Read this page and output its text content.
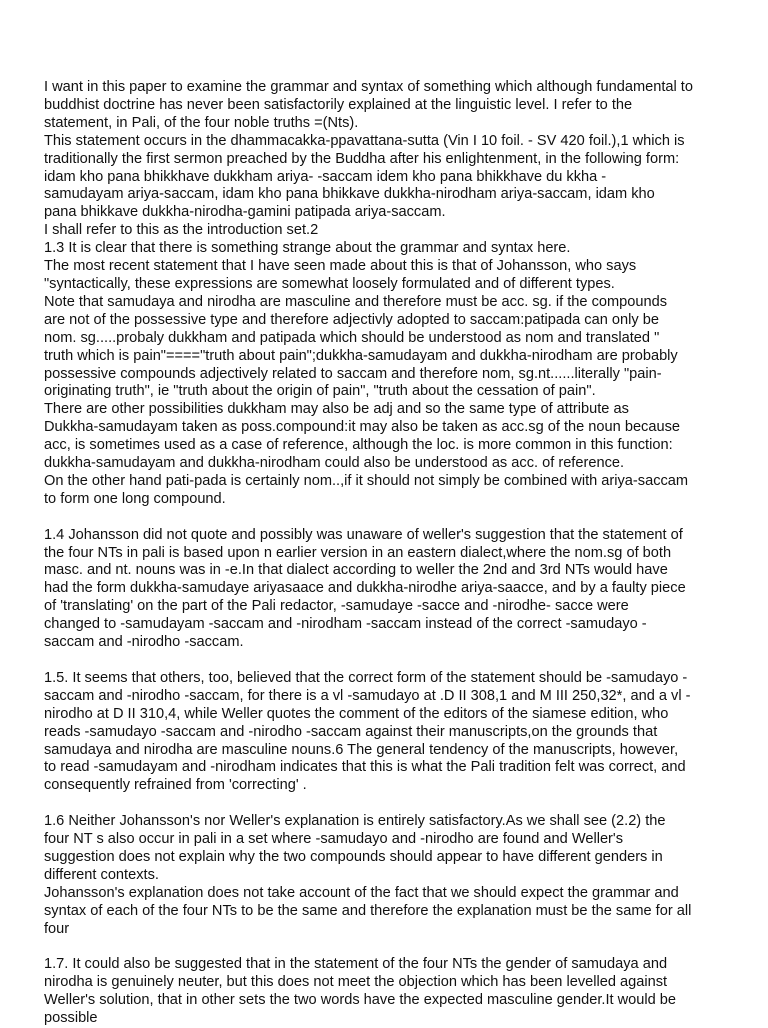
I want in this paper to examine the grammar and syntax of something which although fundamental to
buddhist doctrine has never been satisfactorily explained at the linguistic level. I refer to the
statement, in Pali, of the four noble truths =(Nts).
This statement occurs in the dhammacakka-ppavattana-sutta (Vin I 10 foil. - SV 420 foil.),1 which is
traditionally the first sermon preached by the Buddha after his enlightenment, in the following form:
idam kho pana bhikkhave dukkham ariya- -saccam idem kho pana bhikkhave du kkha -
samudayam ariya-saccam, idam kho pana bhikkave dukkha-nirodham ariya-saccam, idam kho
pana bhikkave dukkha-nirodha-gamini patipada ariya-saccam.
I shall refer to this as the introduction set.2
1.3 It is clear that there is something strange about the grammar and syntax here.
The most recent statement that I have seen made about this is that of Johansson, who says
"syntactically, these expressions are somewhat loosely formulated and of different types.
Note that samudaya and nirodha are masculine and therefore must be acc. sg. if the compounds
are not of the possessive type and therefore adjectivly adopted to saccam:patipada can only be
nom. sg.....probaly dukkham and patipada which should be understood as nom and translated "
truth which is pain"===="truth about pain";dukkha-samudayam and dukkha-nirodham are probably
possessive compounds adjectively related to saccam and therefore nom, sg.nt......literally "pain-
originating truth", ie "truth about the origin of pain", "truth about the cessation of pain".
There are other possibilities dukkham may also be adj and so the same type of attribute as
Dukkha-samudayam taken as poss.compound:it may also be taken as acc.sg of the noun because
acc, is sometimes used as a case of reference, although the loc. is more common in this function:
dukkha-samudayam and dukkha-nirodham could also be understood as acc. of reference.
On the other hand pati-pada is certainly nom..,if it should not simply be combined with ariya-saccam
to form one long compound.
1.4 Johansson did not quote and possibly was unaware of weller's suggestion that the statement of
the four NTs in pali is based upon n earlier version in an eastern dialect,where the nom.sg of both
masc. and nt. nouns was in -e.In that dialect according to weller the 2nd and 3rd NTs would have
had the form dukkha-samudaye ariyasaace and dukkha-nirodhe ariya-saacce, and by a faulty piece
of 'translating' on the part of the Pali redactor, -samudaye -sacce and -nirodhe- sacce were
changed to -samudayam -saccam and -nirodham -saccam instead of the correct -samudayo -
saccam and -nirodho -saccam.
1.5. It seems that others, too, believed that the correct form of the statement should be -samudayo -
saccam and -nirodho -saccam, for there is a vl -samudayo at .D II 308,1 and M III 250,32*, and a vl -
nirodho at D II 310,4, while Weller quotes the comment of the editors of the siamese edition, who
reads -samudayo -saccam and -nirodho -saccam against their manuscripts,on the grounds that
samudaya and nirodha are masculine nouns.6 The general tendency of the manuscripts, however,
to read -samudayam and -nirodham indicates that this is what the Pali tradition felt was correct, and
consequently refrained from 'correcting' .
1.6 Neither Johansson's nor Weller's explanation is entirely satisfactory.As we shall see (2.2) the
four NT s also occur in pali in a set where -samudayo and -nirodho are found and Weller's
suggestion does not explain why the two compounds should appear to have different genders in
different contexts.
Johansson's explanation does not take account of the fact that we should expect the grammar and
syntax of each of the four NTs to be the same and therefore the explanation must be the same for all
four
1.7. It could also be suggested that in the statement of the four NTs the gender of samudaya and
nirodha is genuinely neuter, but this does not meet the objection which has been levelled against
Weller's solution, that in other sets the two words have the expected masculine gender.It would be
possible
